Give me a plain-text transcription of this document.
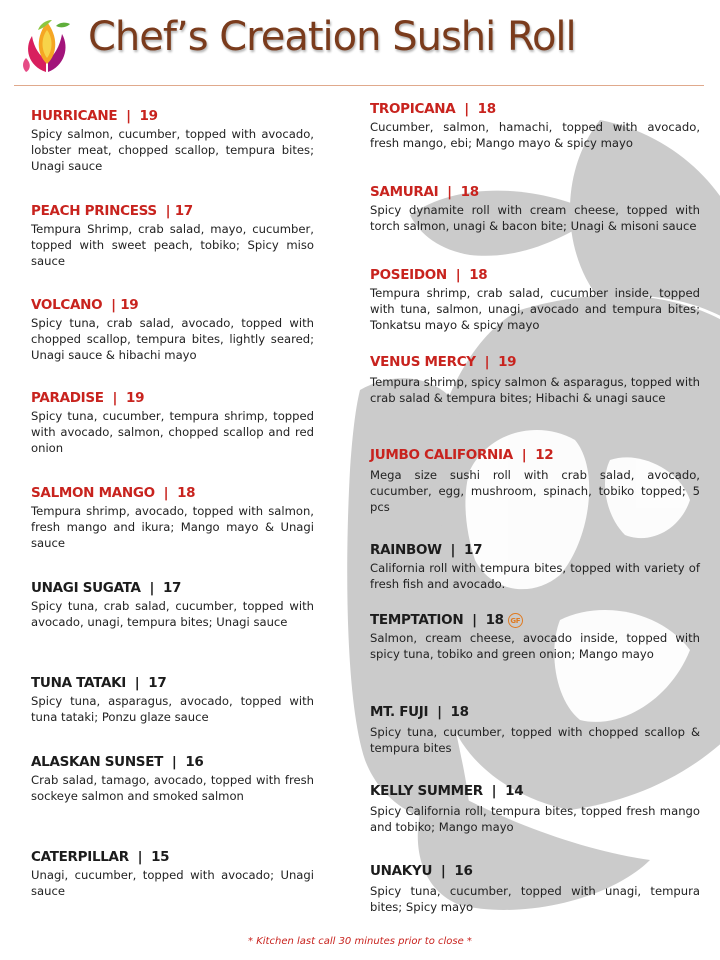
Chef’s Creation Sushi Roll
HURRICANE | 19

Spicy salmon, cucumber, topped with avocado, lobster meat, chopped scallop, tempura bites; Unagi sauce

PEACH PRINCESS | 17

Tempura Shrimp, crab salad, mayo, cucumber, topped with sweet peach, tobiko; Spicy miso sauce

VOLCANO | 19

Spicy tuna, crab salad, avocado, topped with chopped scallop, tempura bites, lightly seared; Unagi sauce & hibachi mayo

PARADISE | 19

Spicy tuna, cucumber, tempura shrimp, topped with avocado, salmon, chopped scallop and red onion

SALMON MANGO | 18

Tempura shrimp, avocado, topped with salmon, fresh mango and ikura; Mango mayo & Unagi sauce

UNAGI SUGATA | 17

Spicy tuna, crab salad, cucumber, topped with avocado, unagi, tempura bites; Unagi sauce

TUNA TATAKI | 17

Spicy tuna, asparagus, avocado, topped with tuna tataki; Ponzu glaze sauce

ALASKAN SUNSET | 16

Crab salad, tamago, avocado, topped with fresh sockeye salmon and smoked salmon

CATERPILLAR | 15

Unagi, cucumber, topped with avocado; Unagi sauce

TROPICANA | 18

Cucumber, salmon, hamachi, topped with avocado, fresh mango, ebi; Mango mayo & spicy mayo

SAMURAI | 18

Spicy dynamite roll with cream cheese, topped with torch salmon, unagi & bacon bite; Unagi & misoni sauce

POSEIDON | 18

Tempura shrimp, crab salad, cucumber inside, topped with tuna, salmon, unagi, avocado and tempura bites; Tonkatsu mayo & spicy mayo

VENUS MERCY | 19

Tempura shrimp, spicy salmon & asparagus, topped with crab salad & tempura bites; Hibachi & unagi sauce

JUMBO CALIFORNIA | 12

Mega size sushi roll with crab salad, avocado, cucumber, egg, mushroom, spinach, tobiko topped; 5 pcs

RAINBOW | 17

California roll with tempura bites, topped with variety of fresh fish and avocado.

TEMPTATION | 18 GF

Salmon, cream cheese, avocado inside, topped with spicy tuna, tobiko and green onion; Mango mayo

MT. FUJI | 18

Spicy tuna, cucumber, topped with chopped scallop & tempura bites

KELLY SUMMER | 14

Spicy California roll, tempura bites, topped fresh mango and tobiko; Mango mayo

UNAKYU | 16

Spicy tuna, cucumber, topped with unagi, tempura bites; Spicy mayo

* Kitchen last call 30 minutes prior to close *
